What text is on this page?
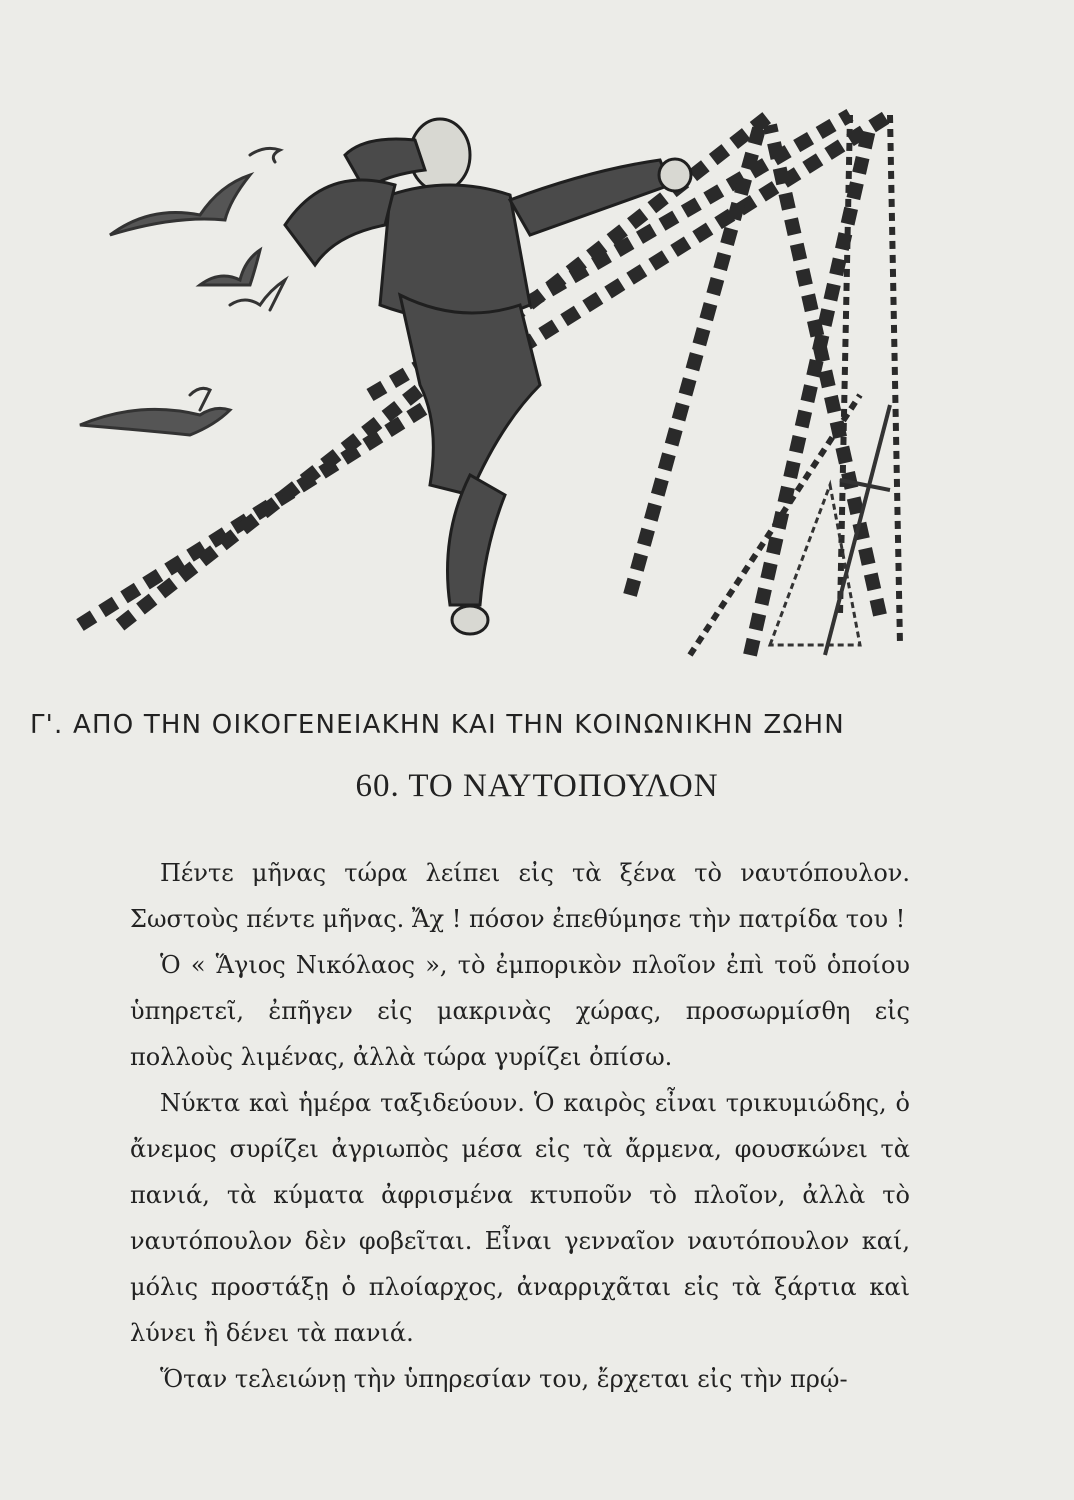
Γ'. ΑΠΟ ΤΗΝ ΟΙΚΟΓΕΝΕΙΑΚΗΝ ΚΑΙ ΤΗΝ ΚΟΙΝΩΝΙΚΗΝ ΖΩΗΝ
60. ΤΟ ΝΑΥΤΟΠΟΥΛΟΝ

Πέντε μῆνας τώρα λείπει εἰς τὰ ξένα τὸ ναυτόπουλον. Σωστοὺς πέντε μῆνας. Ἄχ ! πόσον ἐπεθύμησε τὴν πατρίδα του !

Ὁ « Ἅγιος Νικόλαος », τὸ ἐμπορικὸν πλοῖον ἐπὶ τοῦ ὁποίου ὑπηρετεῖ, ἐπῆγεν εἰς μακρινὰς χώρας, προσωρμίσθη εἰς πολλοὺς λιμένας, ἀλλὰ τώρα γυρίζει ὀπίσω.

Νύκτα καὶ ἡμέρα ταξιδεύουν. Ὁ καιρὸς εἶναι τρικυμιώδης, ὁ ἄνεμος συρίζει ἀγριωπὸς μέσα εἰς τὰ ἄρμενα, φουσκώνει τὰ πανιά, τὰ κύματα ἀφρισμένα κτυποῦν τὸ πλοῖον, ἀλλὰ τὸ ναυτόπουλον δὲν φοβεῖται. Εἶναι γενναῖον ναυτόπουλον καί, μόλις προστάξῃ ὁ πλοίαρχος, ἀναρριχᾶται εἰς τὰ ξάρτια καὶ λύνει ἢ δένει τὰ πανιά.

Ὅταν τελειώνῃ τὴν ὑπηρεσίαν του, ἔρχεται εἰς τὴν πρῴ-
